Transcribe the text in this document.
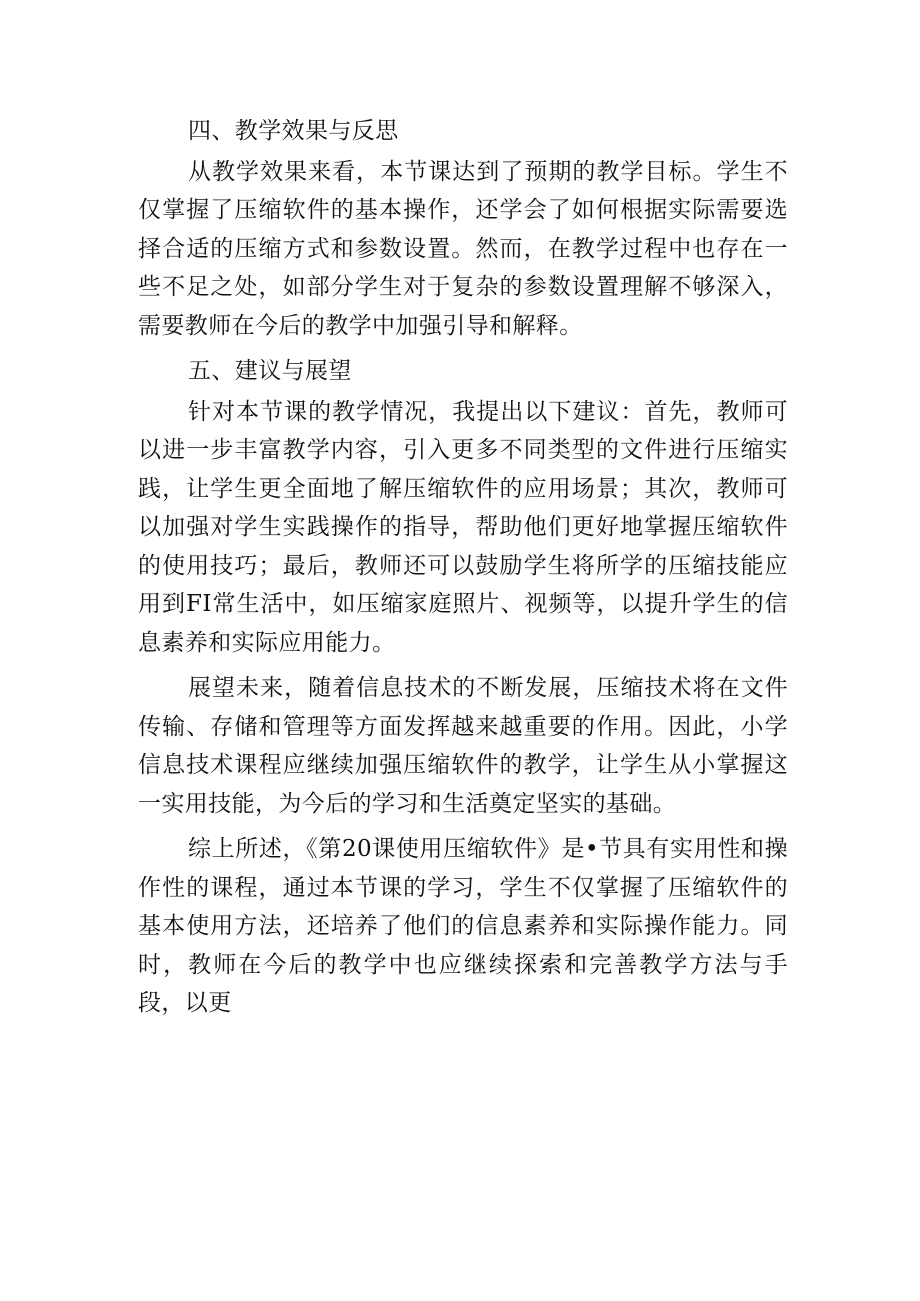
四、教学效果与反思
从教学效果来看，本节课达到了预期的教学目标。学生不仅掌握了压缩软件的基本操作，还学会了如何根据实际需要选择合适的压缩方式和参数设置。然而，在教学过程中也存在一些不足之处，如部分学生对于复杂的参数设置理解不够深入，需要教师在今后的教学中加强引导和解释。
五、建议与展望
针对本节课的教学情况，我提出以下建议：首先，教师可以进一步丰富教学内容，引入更多不同类型的文件进行压缩实践，让学生更全面地了解压缩软件的应用场景；其次，教师可以加强对学生实践操作的指导，帮助他们更好地掌握压缩软件的使用技巧；最后，教师还可以鼓励学生将所学的压缩技能应用到FI常生活中，如压缩家庭照片、视频等，以提升学生的信息素养和实际应用能力。
展望未来，随着信息技术的不断发展，压缩技术将在文件传输、存储和管理等方面发挥越来越重要的作用。因此，小学信息技术课程应继续加强压缩软件的教学，让学生从小掌握这一实用技能，为今后的学习和生活奠定坚实的基础。
综上所述，《第20课使用压缩软件》是•节具有实用性和操作性的课程，通过本节课的学习，学生不仅掌握了压缩软件的基本使用方法，还培养了他们的信息素养和实际操作能力。同时，教师在今后的教学中也应继续探索和完善教学方法与手段，以更
